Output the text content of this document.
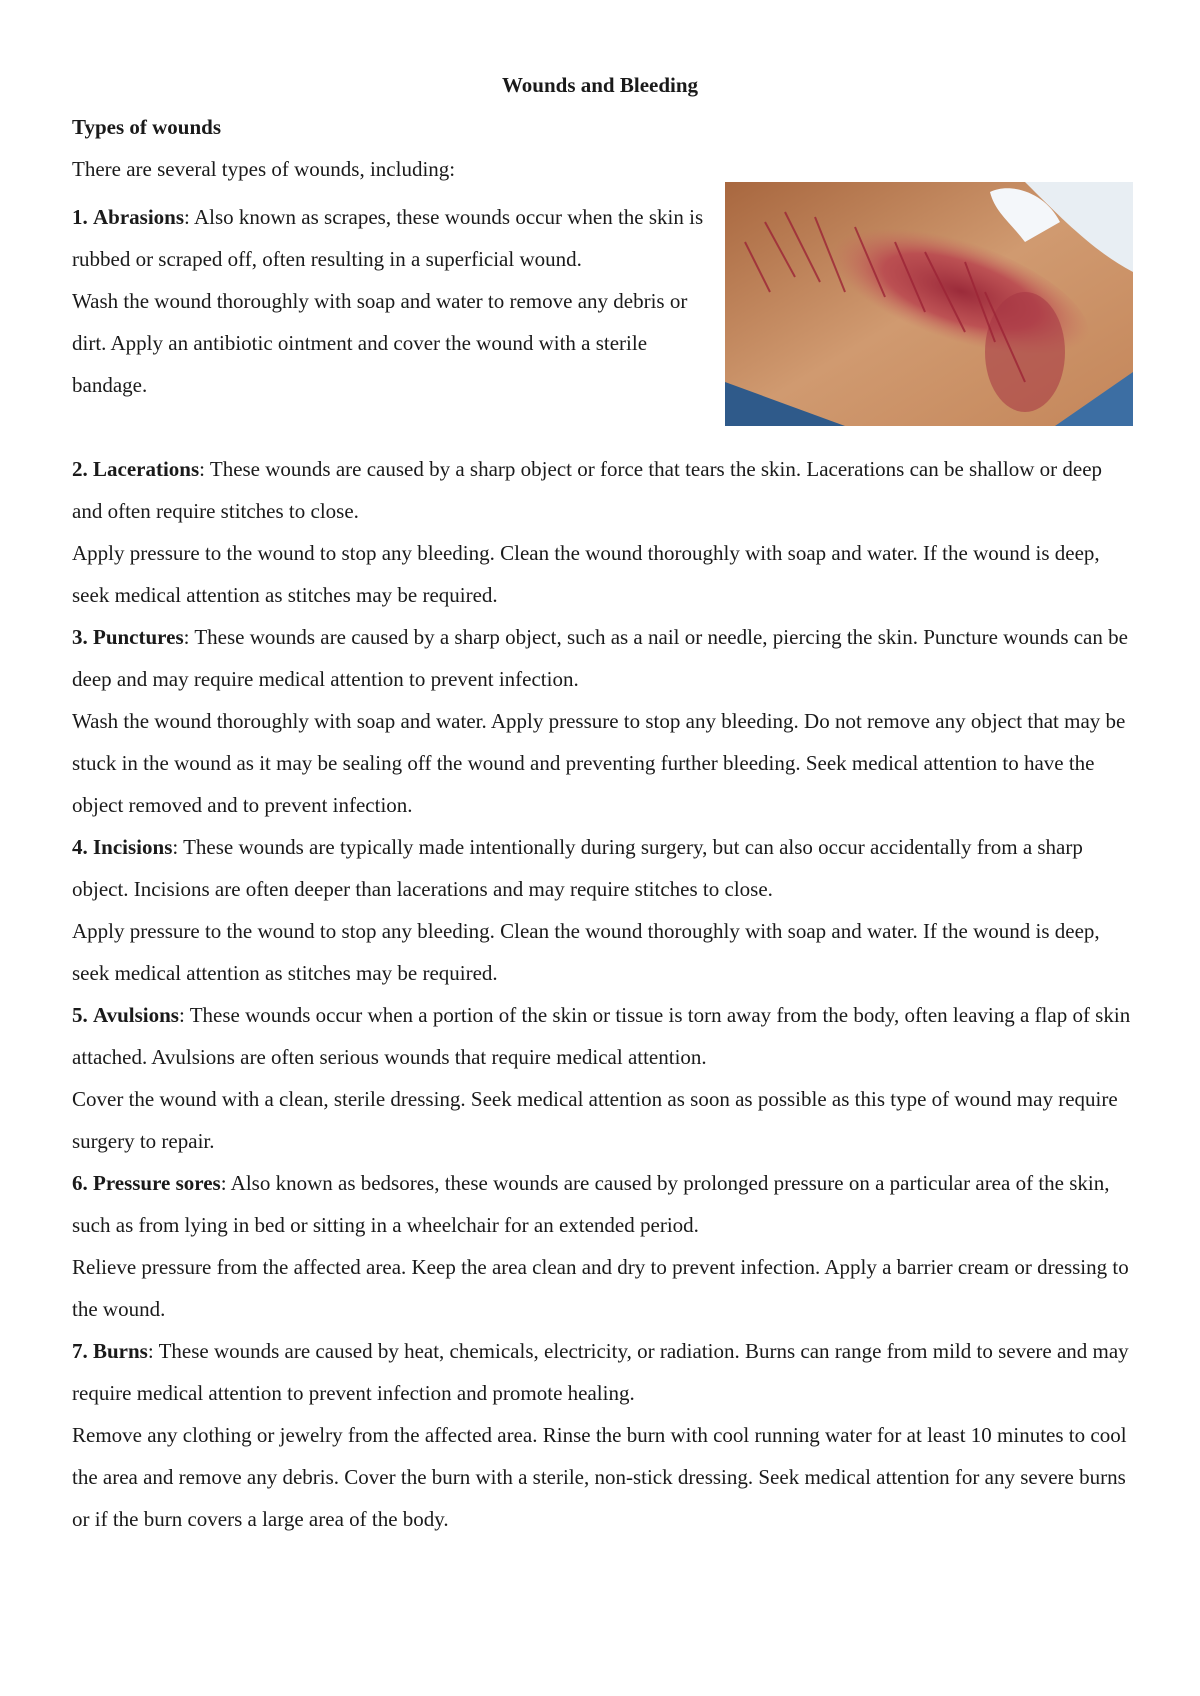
Wounds and Bleeding
Types of wounds
There are several types of wounds, including:

1. Abrasions: Also known as scrapes, these wounds occur when the skin is rubbed or scraped off, often resulting in a superficial wound.

Wash the wound thoroughly with soap and water to remove any debris or dirt. Apply an antibiotic ointment and cover the wound with a sterile bandage.

2. Lacerations: These wounds are caused by a sharp object or force that tears the skin. Lacerations can be shallow or deep and often require stitches to close.

Apply pressure to the wound to stop any bleeding. Clean the wound thoroughly with soap and water. If the wound is deep, seek medical attention as stitches may be required.

3. Punctures: These wounds are caused by a sharp object, such as a nail or needle, piercing the skin. Puncture wounds can be deep and may require medical attention to prevent infection.

Wash the wound thoroughly with soap and water. Apply pressure to stop any bleeding. Do not remove any object that may be stuck in the wound as it may be sealing off the wound and preventing further bleeding. Seek medical attention to have the object removed and to prevent infection.

4. Incisions: These wounds are typically made intentionally during surgery, but can also occur accidentally from a sharp object. Incisions are often deeper than lacerations and may require stitches to close.

Apply pressure to the wound to stop any bleeding. Clean the wound thoroughly with soap and water. If the wound is deep, seek medical attention as stitches may be required.

5. Avulsions: These wounds occur when a portion of the skin or tissue is torn away from the body, often leaving a flap of skin attached. Avulsions are often serious wounds that require medical attention.

Cover the wound with a clean, sterile dressing. Seek medical attention as soon as possible as this type of wound may require surgery to repair.

6. Pressure sores: Also known as bedsores, these wounds are caused by prolonged pressure on a particular area of the skin, such as from lying in bed or sitting in a wheelchair for an extended period.

Relieve pressure from the affected area. Keep the area clean and dry to prevent infection. Apply a barrier cream or dressing to the wound.

7. Burns: These wounds are caused by heat, chemicals, electricity, or radiation. Burns can range from mild to severe and may require medical attention to prevent infection and promote healing.

Remove any clothing or jewelry from the affected area. Rinse the burn with cool running water for at least 10 minutes to cool the area and remove any debris. Cover the burn with a sterile, non-stick dressing. Seek medical attention for any severe burns or if the burn covers a large area of the body.
